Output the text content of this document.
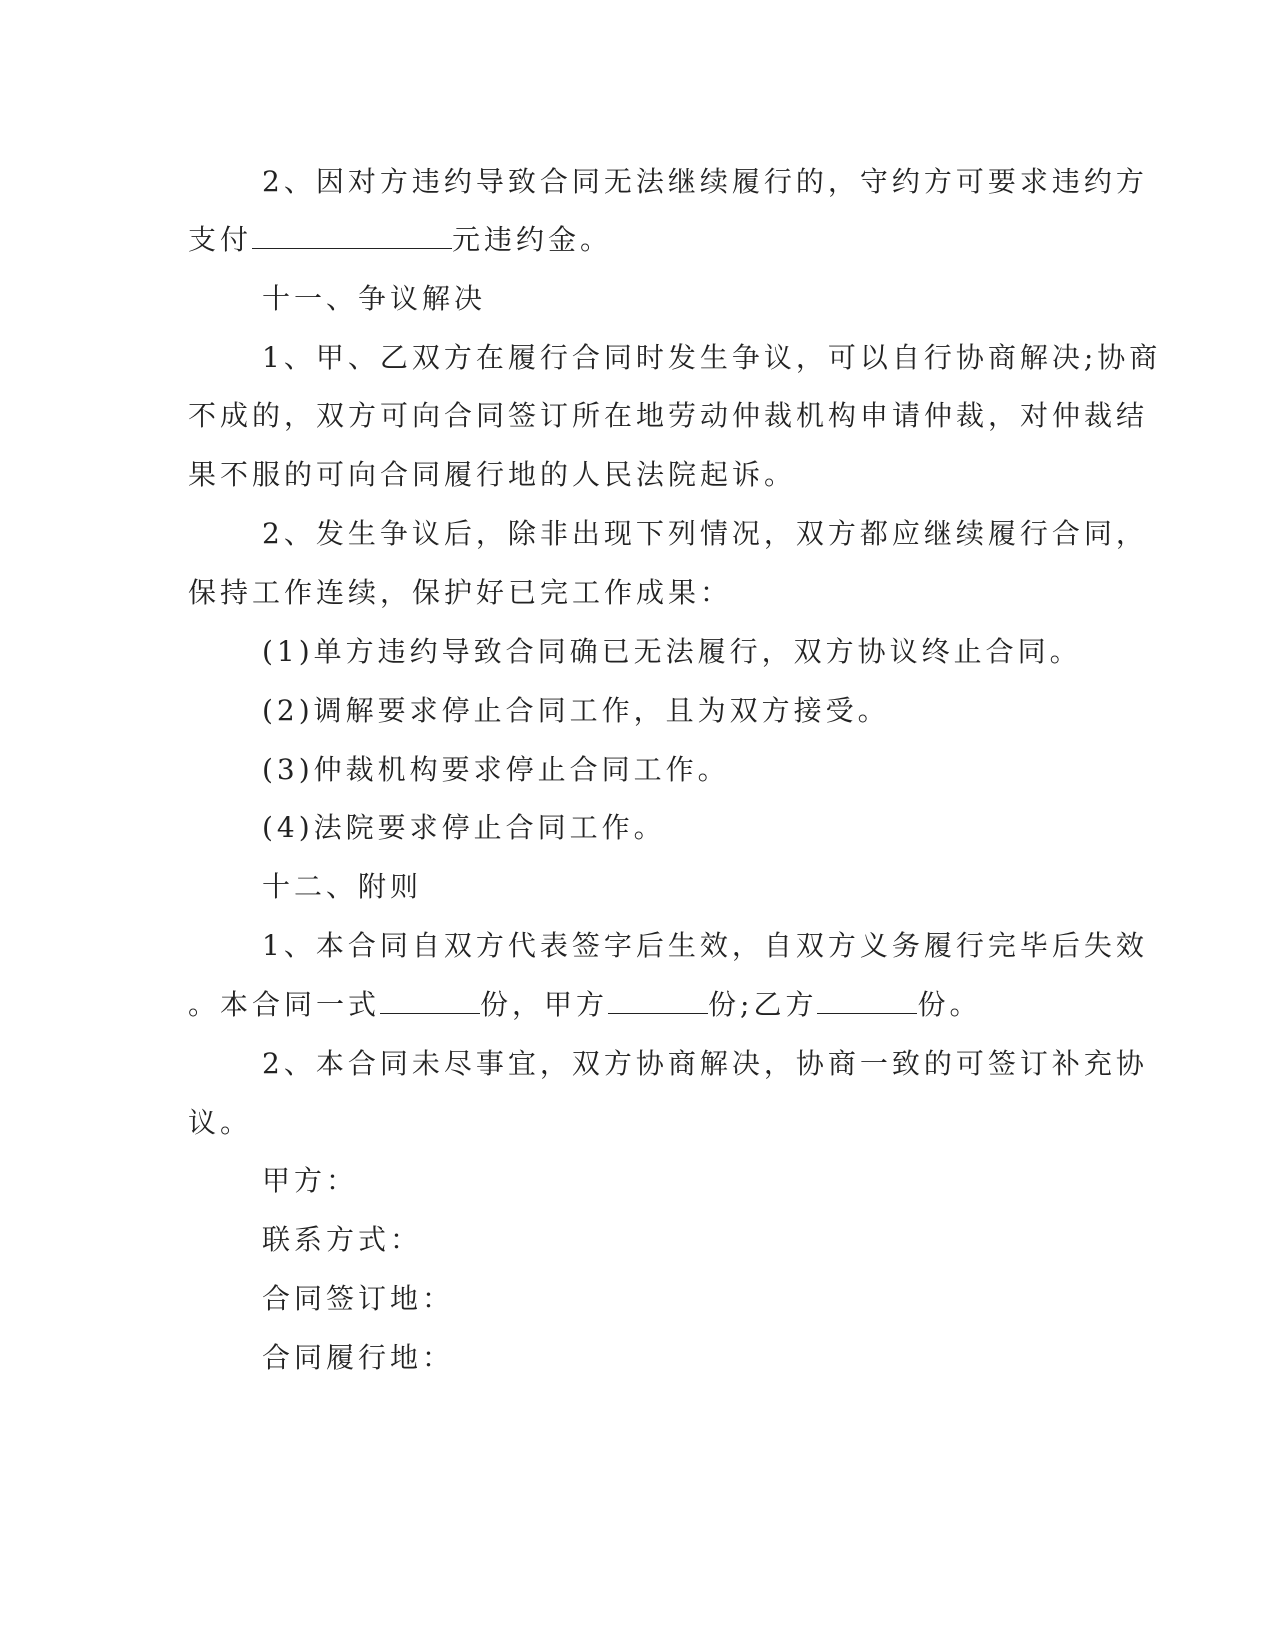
2、因对方违约导致合同无法继续履行的，守约方可要求违约方
支付	元违约金。
十一、争议解决
1、甲、乙双方在履行合同时发生争议，可以自行协商解决;协商
不成的，双方可向合同签订所在地劳动仲裁机构申请仲裁，对仲裁结
果不服的可向合同履行地的人民法院起诉。
2、发生争议后，除非出现下列情况，双方都应继续履行合同，
保持工作连续，保护好已完工作成果：
(1)单方违约导致合同确已无法履行，双方协议终止合同。
(2)调解要求停止合同工作，且为双方接受。
(3)仲裁机构要求停止合同工作。
(4)法院要求停止合同工作。
十二、附则
1、本合同自双方代表签字后生效，自双方义务履行完毕后失效
。本合同一式	份，甲方	份;乙方	份。
2、本合同未尽事宜，双方协商解决，协商一致的可签订补充协
议。
甲方：
联系方式：
合同签订地：
合同履行地：
